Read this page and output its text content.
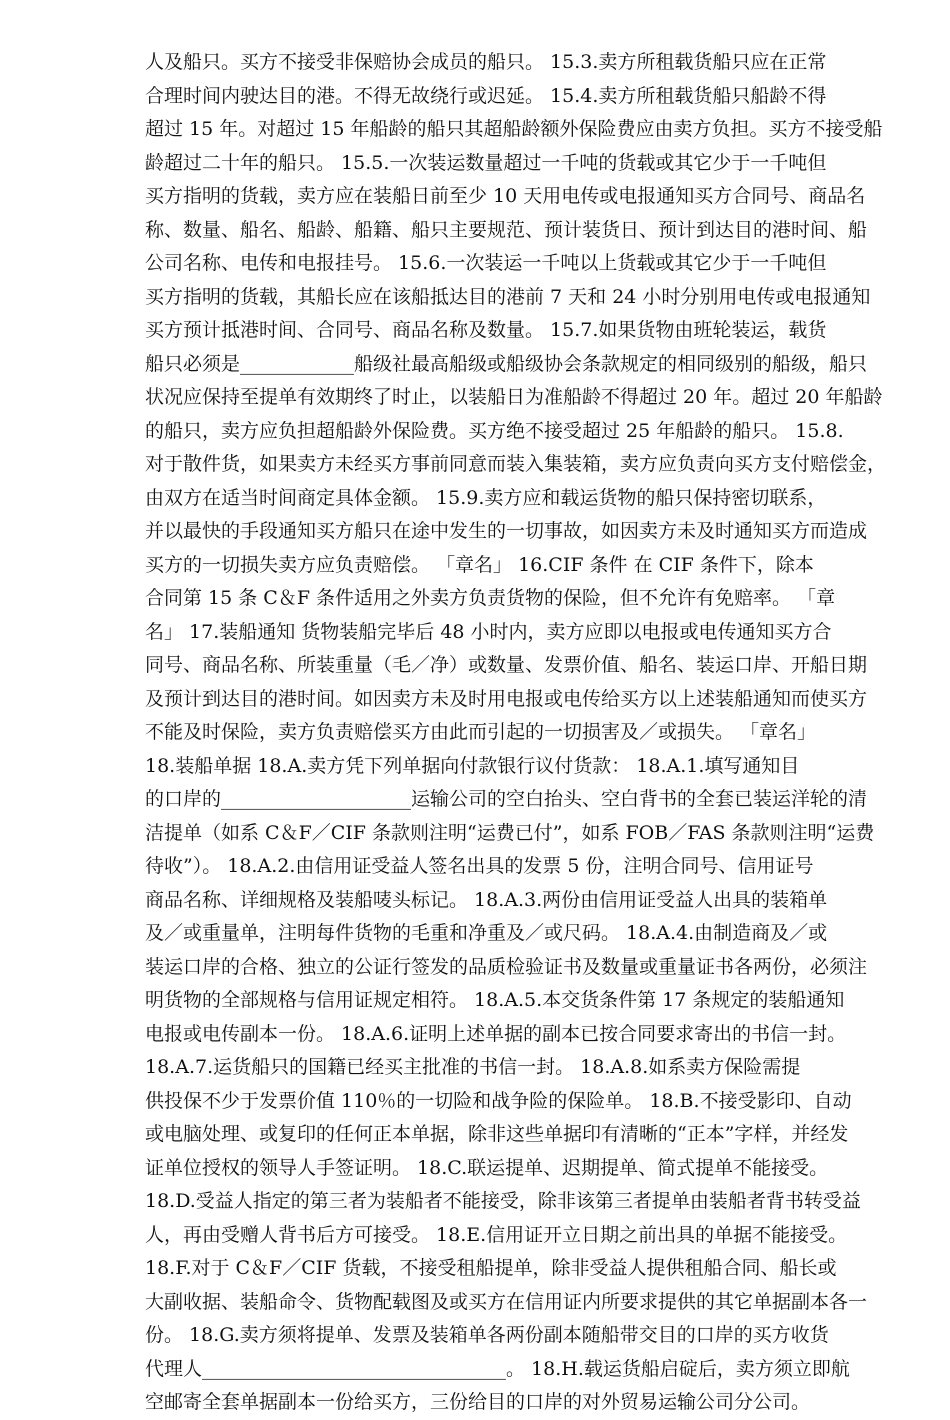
人及船只。买方不接受非保赔协会成员的船只。 15.3.卖方所租载货船只应在正常
合理时间内驶达目的港。不得无故绕行或迟延。 15.4.卖方所租载货船只船龄不得
超过 15 年。对超过 15 年船龄的船只其超船龄额外保险费应由卖方负担。买方不接受船
龄超过二十年的船只。 15.5.一次装运数量超过一千吨的货载或其它少于一千吨但
买方指明的货载，卖方应在装船日前至少 10 天用电传或电报通知买方合同号、商品名
称、数量、船名、船龄、船籍、船只主要规范、预计装货日、预计到达目的港时间、船
公司名称、电传和电报挂号。 15.6.一次装运一千吨以上货载或其它少于一千吨但
买方指明的货载，其船长应在该船抵达目的港前 7 天和 24 小时分别用电传或电报通知
买方预计抵港时间、合同号、商品名称及数量。 15.7.如果货物由班轮装运，载货
船只必须是____________船级社最高船级或船级协会条款规定的相同级别的船级，船只
状况应保持至提单有效期终了时止，以装船日为准船龄不得超过 20 年。超过 20 年船龄
的船只，卖方应负担超船龄外保险费。买方绝不接受超过 25 年船龄的船只。 15.8.
对于散件货，如果卖方未经买方事前同意而装入集装箱，卖方应负责向买方支付赔偿金，
由双方在适当时间商定具体金额。 15.9.卖方应和载运货物的船只保持密切联系，
并以最快的手段通知买方船只在途中发生的一切事故，如因卖方未及时通知买方而造成
买方的一切损失卖方应负责赔偿。 「章名」 16.CIF 条件 在 CIF 条件下，除本
合同第 15 条 C＆F 条件适用之外卖方负责货物的保险，但不允许有免赔率。 「章
名」 17.装船通知 货物装船完毕后 48 小时内，卖方应即以电报或电传通知买方合
同号、商品名称、所装重量（毛／净）或数量、发票价值、船名、装运口岸、开船日期
及预计到达目的港时间。如因卖方未及时用电报或电传给买方以上述装船通知而使买方
不能及时保险，卖方负责赔偿买方由此而引起的一切损害及／或损失。 「章名」
18.装船单据 18.A.卖方凭下列单据向付款银行议付货款： 18.A.1.填写通知目
的口岸的____________________运输公司的空白抬头、空白背书的全套已装运洋轮的清
洁提单（如系 C＆F／CIF 条款则注明“运费已付”，如系 FOB／FAS 条款则注明“运费
待收”）。 18.A.2.由信用证受益人签名出具的发票 5 份，注明合同号、信用证号
商品名称、详细规格及装船唛头标记。 18.A.3.两份由信用证受益人出具的装箱单
及／或重量单，注明每件货物的毛重和净重及／或尺码。 18.A.4.由制造商及／或
装运口岸的合格、独立的公证行签发的品质检验证书及数量或重量证书各两份，必须注
明货物的全部规格与信用证规定相符。 18.A.5.本交货条件第 17 条规定的装船通知
电报或电传副本一份。 18.A.6.证明上述单据的副本已按合同要求寄出的书信一封。
18.A.7.运货船只的国籍已经买主批准的书信一封。 18.A.8.如系卖方保险需提
供投保不少于发票价值 110％的一切险和战争险的保险单。 18.B.不接受影印、自动
或电脑处理、或复印的任何正本单据，除非这些单据印有清晰的“正本”字样，并经发
证单位授权的领导人手签证明。 18.C.联运提单、迟期提单、简式提单不能接受。
18.D.受益人指定的第三者为装船者不能接受，除非该第三者提单由装船者背书转受益
人，再由受赠人背书后方可接受。 18.E.信用证开立日期之前出具的单据不能接受。
18.F.对于 C＆F／CIF 货载，不接受租船提单，除非受益人提供租船合同、船长或
大副收据、装船命令、货物配载图及或买方在信用证内所要求提供的其它单据副本各一
份。 18.G.卖方须将提单、发票及装箱单各两份副本随船带交目的口岸的买方收货
代理人________________________________。 18.H.载运货船启碇后，卖方须立即航
空邮寄全套单据副本一份给买方，三份给目的口岸的对外贸易运输公司分公司。
